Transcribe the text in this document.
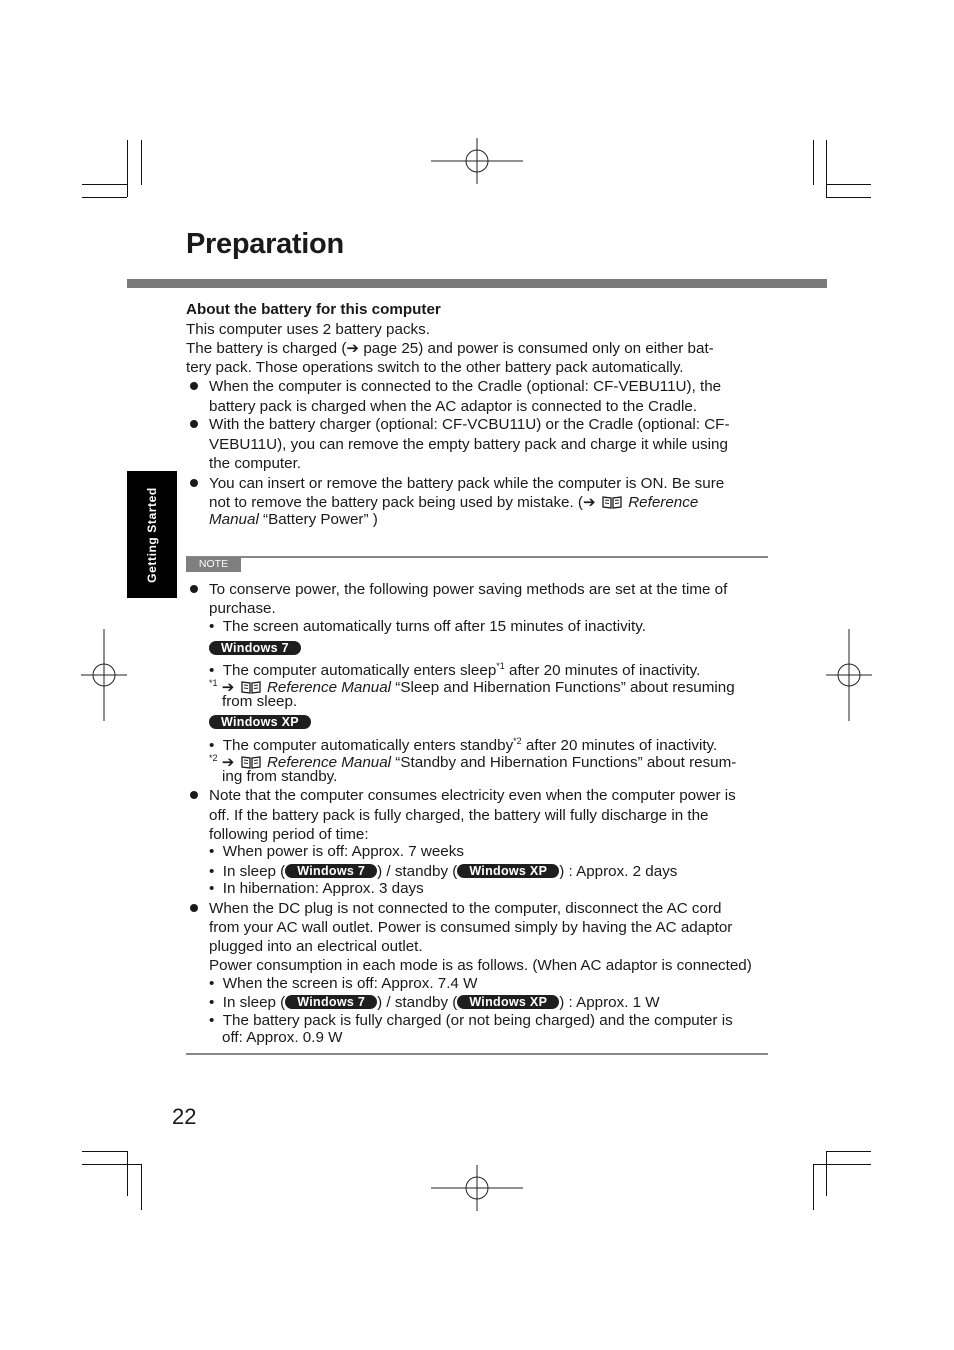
Preparation
Getting Started
About the battery for this computer
This computer uses 2 battery packs.
The battery is charged (➔ page 25) and power is consumed only on either bat-
tery pack. Those operations switch to the other battery pack automatically.
When the computer is connected to the Cradle (optional: CF-VEBU11U), the
battery pack is charged when the AC adaptor is connected to the Cradle.
With the battery charger (optional: CF-VCBU11U) or the Cradle (optional: CF-
VEBU11U), you can remove the empty battery pack and charge it while using
the computer.
You can insert or remove the battery pack while the computer is ON. Be sure
not to remove the battery pack being used by mistake. (➔ Reference
Manual “Battery Power” )
NOTE
To conserve power, the following power saving methods are set at the time of
purchase.
•  The screen automatically turns off after 15 minutes of inactivity.
Windows 7
•  The computer automatically enters sleep$^{*1}$ after 20 minutes of inactivity.
$^{*1}$ ➔ Reference Manual “Sleep and Hibernation Functions” about resuming
from sleep.
Windows XP
•  The computer automatically enters standby$^{*2}$ after 20 minutes of inactivity.
$^{*2}$ ➔ Reference Manual “Standby and Hibernation Functions” about resum-
ing from standby.
Note that the computer consumes electricity even when the computer power is
off. If the battery pack is fully charged, the battery will fully discharge in the
following period of time:
•  When power is off: Approx. 7 weeks
•  In sleep ( Windows 7 ) / standby ( Windows XP ) : Approx. 2 days
•  In hibernation: Approx. 3 days
When the DC plug is not connected to the computer, disconnect the AC cord
from your AC wall outlet. Power is consumed simply by having the AC adaptor
plugged into an electrical outlet.
Power consumption in each mode is as follows. (When AC adaptor is connected)
•  When the screen is off: Approx. 7.4 W
•  In sleep ( Windows 7 ) / standby ( Windows XP ) : Approx. 1 W
•  The battery pack is fully charged (or not being charged) and the computer is
off: Approx. 0.9 W
22
